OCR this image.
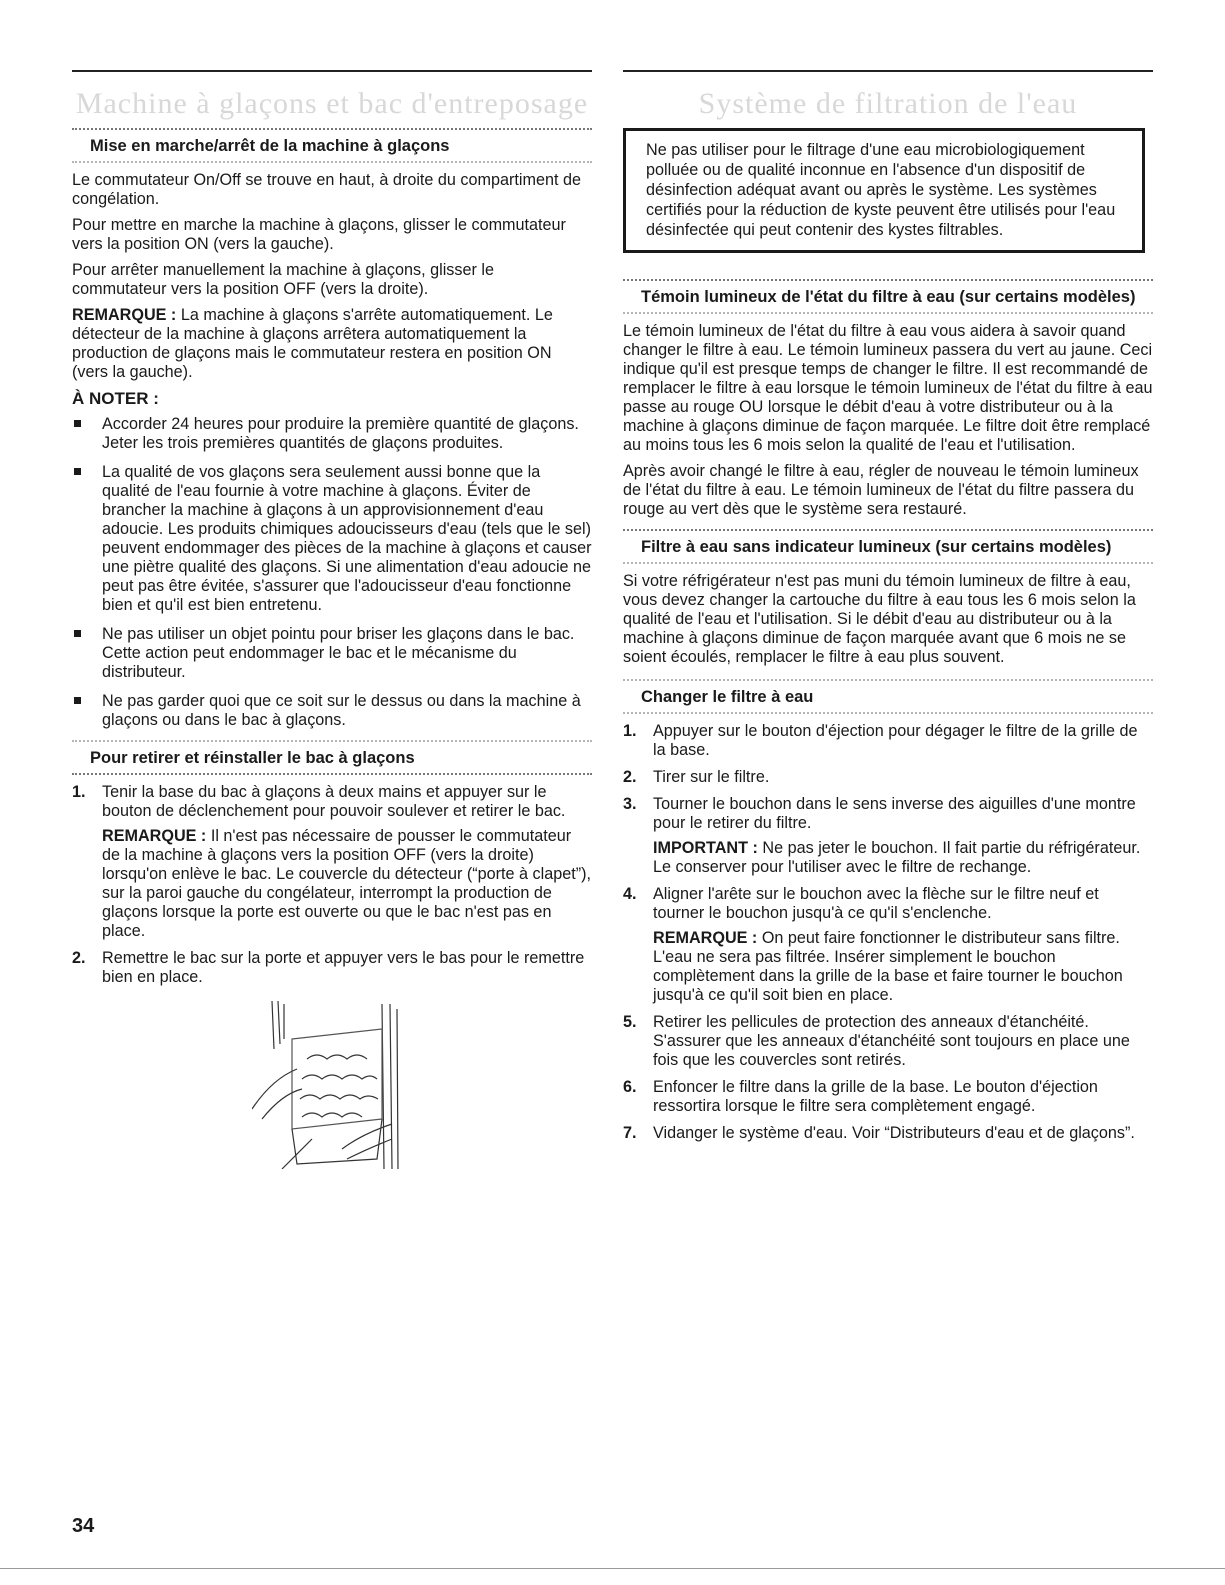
Machine à glaçons et bac d'entreposage
Mise en marche/arrêt de la machine à glaçons

Le commutateur On/Off se trouve en haut, à droite du compartiment de congélation.

Pour mettre en marche la machine à glaçons, glisser le commutateur vers la position ON (vers la gauche).

Pour arrêter manuellement la machine à glaçons, glisser le commutateur vers la position OFF (vers la droite).

REMARQUE : La machine à glaçons s'arrête automatiquement. Le détecteur de la machine à glaçons arrêtera automatiquement la production de glaçons mais le commutateur restera en position ON (vers la gauche).

À NOTER :

Accorder 24 heures pour produire la première quantité de glaçons. Jeter les trois premières quantités de glaçons produites.
La qualité de vos glaçons sera seulement aussi bonne que la qualité de l'eau fournie à votre machine à glaçons. Éviter de brancher la machine à glaçons à un approvisionnement d'eau adoucie. Les produits chimiques adoucisseurs d'eau (tels que le sel) peuvent endommager des pièces de la machine à glaçons et causer une piètre qualité des glaçons. Si une alimentation d'eau adoucie ne peut pas être évitée, s'assurer que l'adoucisseur d'eau fonctionne bien et qu'il est bien entretenu.
Ne pas utiliser un objet pointu pour briser les glaçons dans le bac. Cette action peut endommager le bac et le mécanisme du distributeur.
Ne pas garder quoi que ce soit sur le dessus ou dans la machine à glaçons ou dans le bac à glaçons.
Pour retirer et réinstaller le bac à glaçons
1. Tenir la base du bac à glaçons à deux mains et appuyer sur le bouton de déclenchement pour pouvoir soulever et retirer le bac.

REMARQUE : Il n'est pas nécessaire de pousser le commutateur de la machine à glaçons vers la position OFF (vers la droite) lorsqu'on enlève le bac. Le couvercle du détecteur (“porte à clapet”), sur la paroi gauche du congélateur, interrompt la production de glaçons lorsque la porte est ouverte ou que le bac n'est pas en place.

2. Remettre le bac sur la porte et appuyer vers le bas pour le remettre bien en place.

Système de filtration de l'eau

Ne pas utiliser pour le filtrage d'une eau microbiologiquement polluée ou de qualité inconnue en l'absence d'un dispositif de désinfection adéquat avant ou après le système. Les systèmes certifiés pour la réduction de kyste peuvent être utilisés pour l'eau désinfectée qui peut contenir des kystes filtrables.

Témoin lumineux de l'état du filtre à eau (sur certains modèles)

Le témoin lumineux de l'état du filtre à eau vous aidera à savoir quand changer le filtre à eau. Le témoin lumineux passera du vert au jaune. Ceci indique qu'il est presque temps de changer le filtre. Il est recommandé de remplacer le filtre à eau lorsque le témoin lumineux de l'état du filtre à eau passe au rouge OU lorsque le débit d'eau à votre distributeur ou à la machine à glaçons diminue de façon marquée. Le filtre doit être remplacé au moins tous les 6 mois selon la qualité de l'eau et l'utilisation.

Après avoir changé le filtre à eau, régler de nouveau le témoin lumineux de l'état du filtre à eau. Le témoin lumineux de l'état du filtre passera du rouge au vert dès que le système sera restauré.

Filtre à eau sans indicateur lumineux (sur certains modèles)

Si votre réfrigérateur n'est pas muni du témoin lumineux de filtre à eau, vous devez changer la cartouche du filtre à eau tous les 6 mois selon la qualité de l'eau et l'utilisation. Si le débit d'eau au distributeur ou à la machine à glaçons diminue de façon marquée avant que 6 mois ne se soient écoulés, remplacer le filtre à eau plus souvent.

Changer le filtre à eau
1. Appuyer sur le bouton d'éjection pour dégager le filtre de la grille de la base.

2. Tirer sur le filtre.

3. Tourner le bouchon dans le sens inverse des aiguilles d'une montre pour le retirer du filtre.

IMPORTANT : Ne pas jeter le bouchon. Il fait partie du réfrigérateur. Le conserver pour l'utiliser avec le filtre de rechange.

4. Aligner l'arête sur le bouchon avec la flèche sur le filtre neuf et tourner le bouchon jusqu'à ce qu'il s'enclenche.

REMARQUE : On peut faire fonctionner le distributeur sans filtre. L'eau ne sera pas filtrée. Insérer simplement le bouchon complètement dans la grille de la base et faire tourner le bouchon jusqu'à ce qu'il soit bien en place.

5. Retirer les pellicules de protection des anneaux d'étanchéité. S'assurer que les anneaux d'étanchéité sont toujours en place une fois que les couvercles sont retirés.

6. Enfoncer le filtre dans la grille de la base. Le bouton d'éjection ressortira lorsque le filtre sera complètement engagé.

7. Vidanger le système d'eau. Voir “Distributeurs d'eau et de glaçons”.

34
